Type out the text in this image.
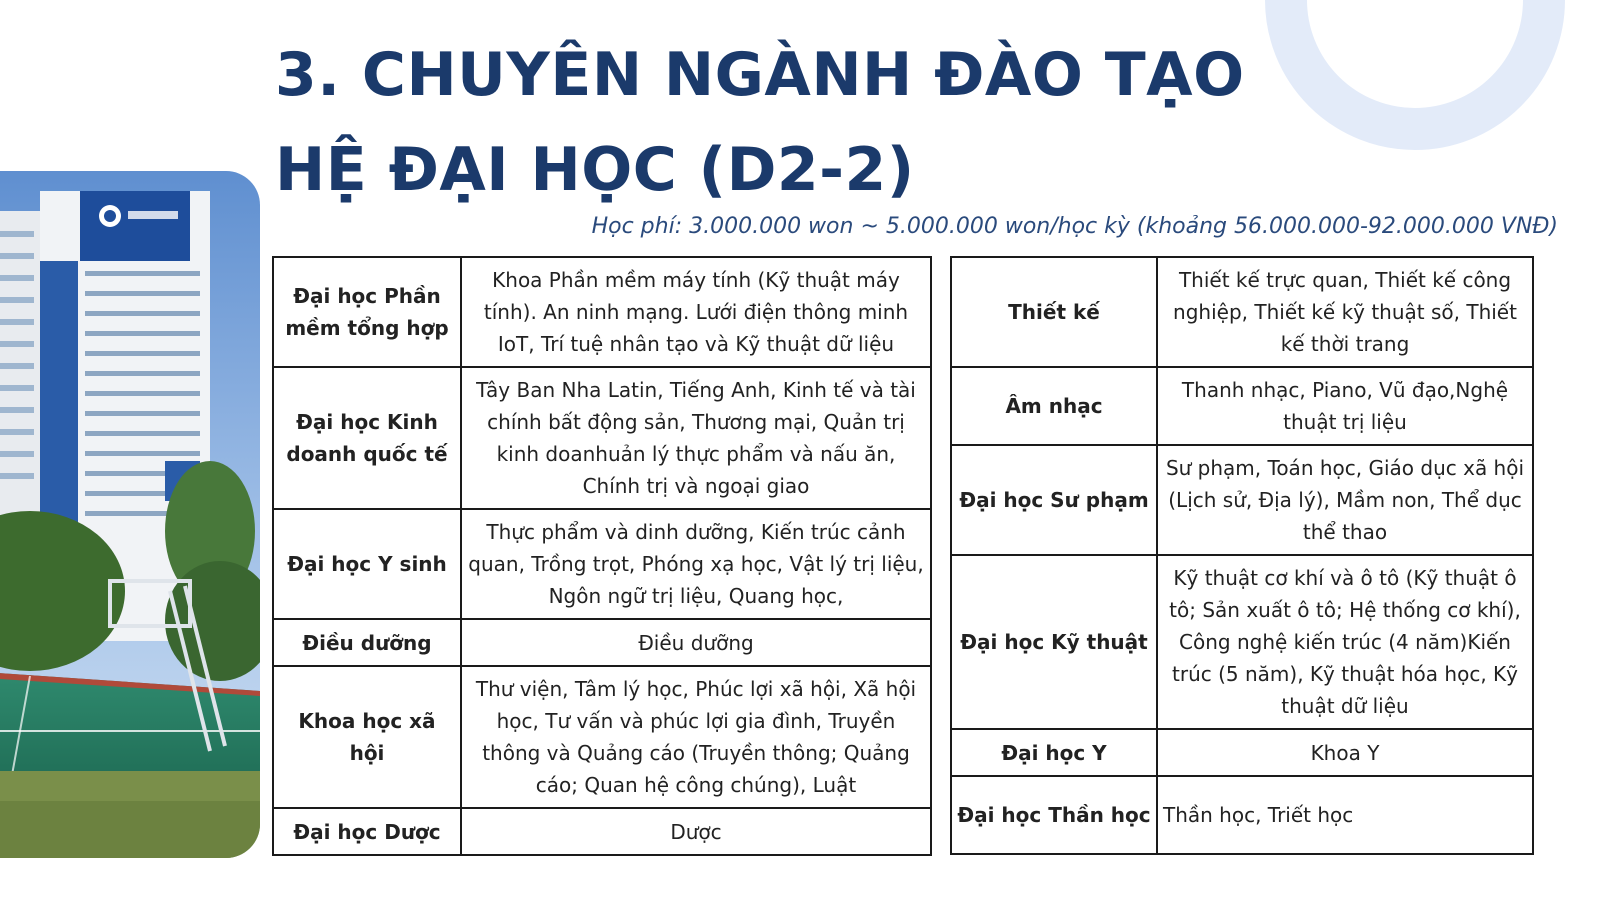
3. CHUYÊN NGÀNH ĐÀO TẠO
HỆ ĐẠI HỌC (D2-2)
Học phí: 3.000.000 won ~ 5.000.000 won/học kỳ (khoảng 56.000.000-92.000.000 VNĐ)
Đại học Phần mềm tổng hợp	Khoa Phần mềm máy tính (Kỹ thuật máy tính). An ninh mạng. Lưới điện thông minh IoT, Trí tuệ nhân tạo và Kỹ thuật dữ liệu
Đại học Kinh doanh quốc tế	Tây Ban Nha Latin, Tiếng Anh, Kinh tế và tài chính bất động sản, Thương mại, Quản trị kinh doanhuản lý thực phẩm và nấu ăn, Chính trị và ngoại giao
Đại học Y sinh	Thực phẩm và dinh dưỡng, Kiến trúc cảnh quan, Trồng trọt, Phóng xạ học, Vật lý trị liệu, Ngôn ngữ trị liệu, Quang học,
Điều dưỡng	Điều dưỡng
Khoa học xã hội	Thư viện, Tâm lý học, Phúc lợi xã hội, Xã hội học, Tư vấn và phúc lợi gia đình, Truyền thông và Quảng cáo (Truyền thông; Quảng cáo; Quan hệ công chúng), Luật
Đại học Dược	Dược
Thiết kế	Thiết kế trực quan, Thiết kế công nghiệp, Thiết kế kỹ thuật số, Thiết kế thời trang
Âm nhạc	Thanh nhạc, Piano, Vũ đạo,Nghệ thuật trị liệu
Đại học Sư phạm	Sư phạm, Toán học, Giáo dục xã hội (Lịch sử, Địa lý), Mầm non, Thể dục thể thao
Đại học Kỹ thuật	Kỹ thuật cơ khí và ô tô (Kỹ thuật ô tô; Sản xuất ô tô; Hệ thống cơ khí), Công nghệ kiến trúc (4 năm)Kiến trúc (5 năm), Kỹ thuật hóa học, Kỹ thuật dữ liệu
Đại học Y	Khoa Y
Đại học Thần học	Thần học, Triết học
